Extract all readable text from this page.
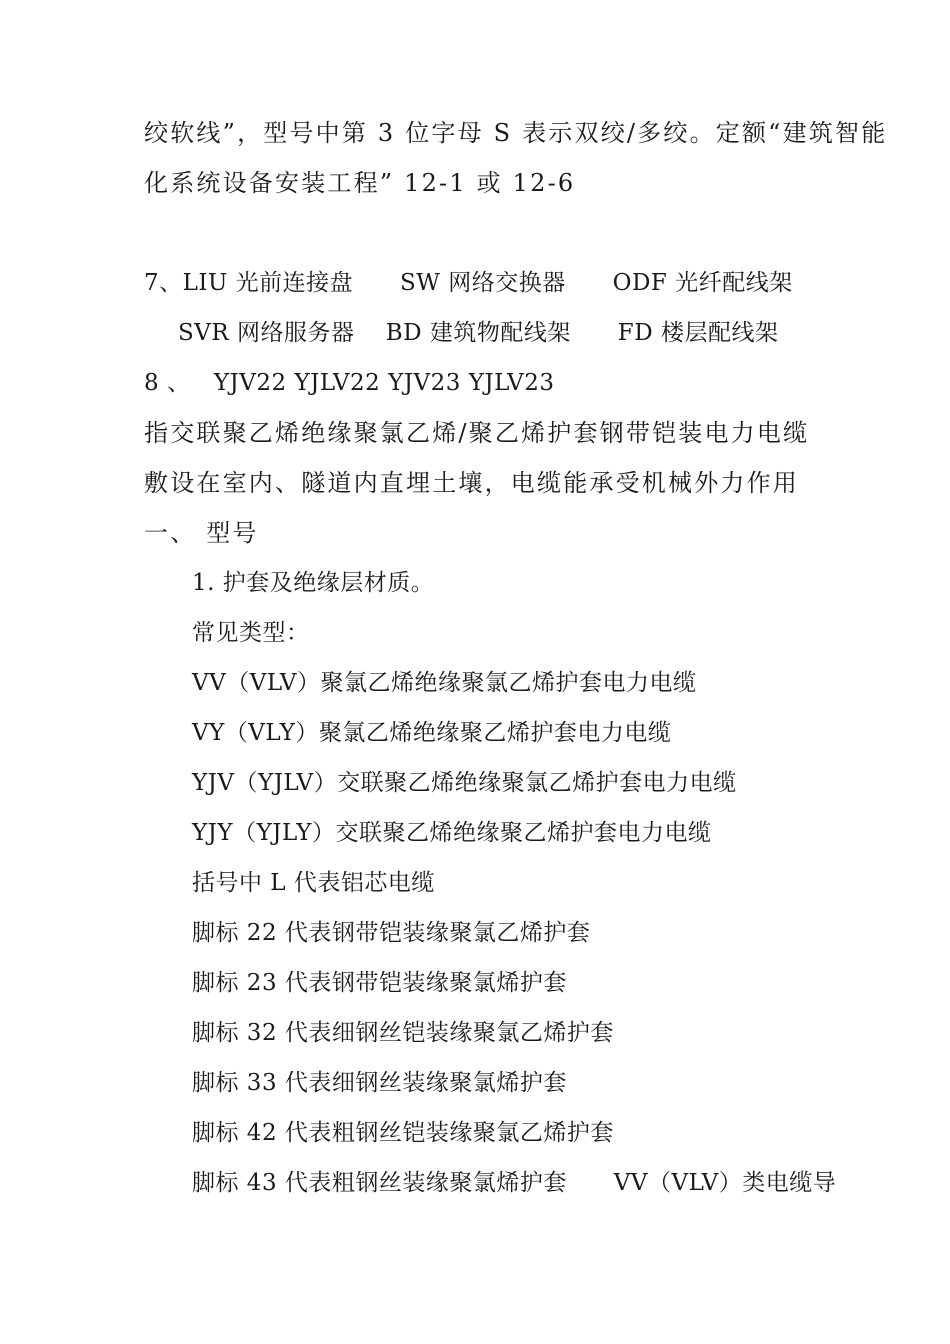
绞软线”，型号中第 3 位字母 S 表示双绞/多绞。定额“建筑智能
化系统设备安装工程” 12-1 或 12-6
7、LIU 光前连接盘      SW 网络交换器      ODF 光纤配线架
SVR 网络服务器    BD 建筑物配线架      FD 楼层配线架
8 、   YJV22 YJLV22 YJV23 YJLV23
指交联聚乙烯绝缘聚氯乙烯/聚乙烯护套钢带铠装电力电缆
敷设在室内、隧道内直埋土壤，电缆能承受机械外力作用
一、 型号
1. 护套及绝缘层材质。
常见类型：
VV（VLV）聚氯乙烯绝缘聚氯乙烯护套电力电缆
VY（VLY）聚氯乙烯绝缘聚乙烯护套电力电缆
YJV（YJLV）交联聚乙烯绝缘聚氯乙烯护套电力电缆
YJY（YJLY）交联聚乙烯绝缘聚乙烯护套电力电缆
括号中 L 代表铝芯电缆
脚标 22 代表钢带铠装缘聚氯乙烯护套
脚标 23 代表钢带铠装缘聚氯烯护套
脚标 32 代表细钢丝铠装缘聚氯乙烯护套
脚标 33 代表细钢丝装缘聚氯烯护套
脚标 42 代表粗钢丝铠装缘聚氯乙烯护套
脚标 43 代表粗钢丝装缘聚氯烯护套      VV（VLV）类电缆导
